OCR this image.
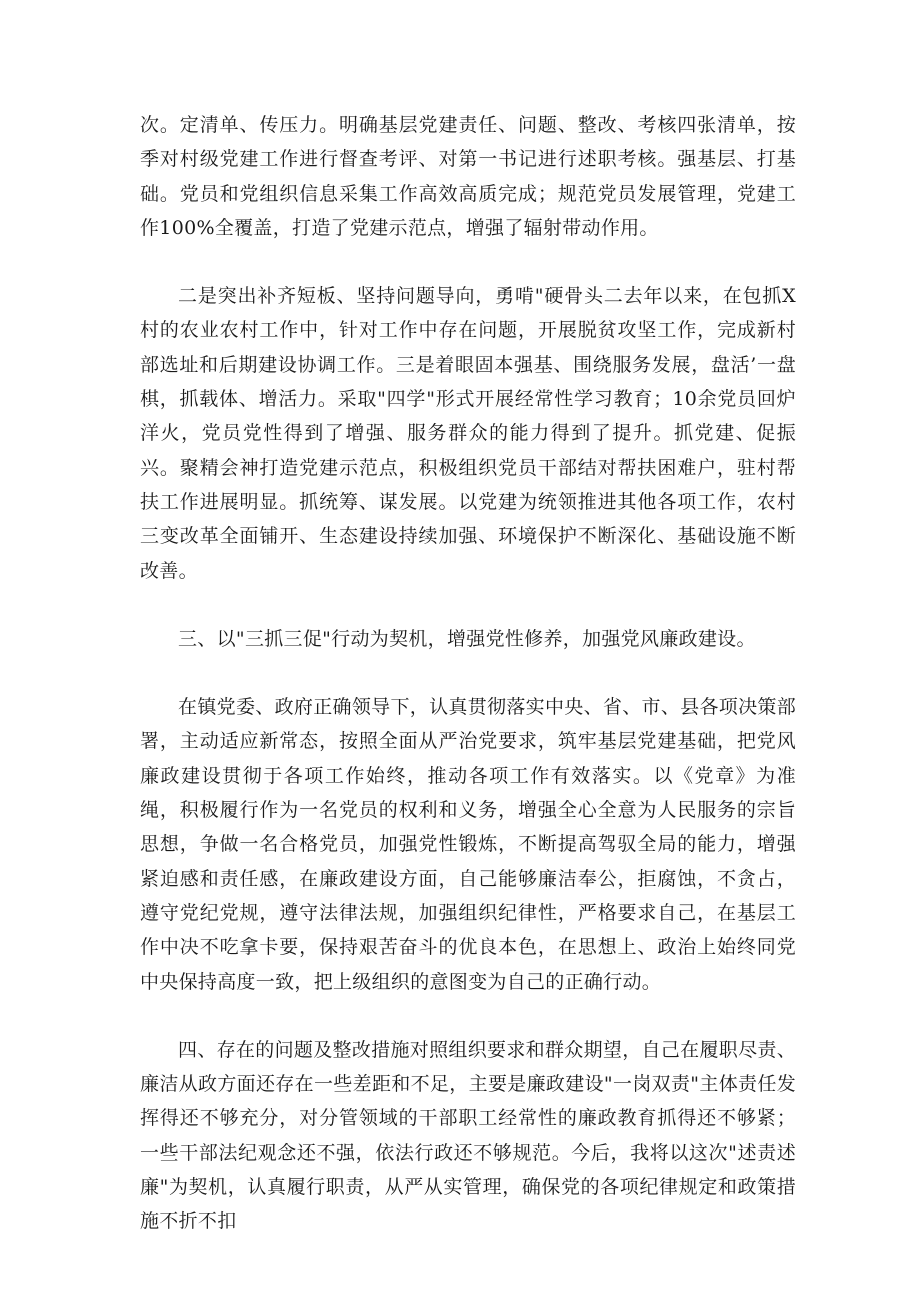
次。定清单、传压力。明确基层党建责任、问题、整改、考核四张清单，按季对村级党建工作进行督查考评、对第一书记进行述职考核。强基层、打基础。党员和党组织信息采集工作高效高质完成；规范党员发展管理，党建工作100%全覆盖，打造了党建示范点，增强了辐射带动作用。

二是突出补齐短板、坚持问题导向，勇啃"硬骨头二去年以来，在包抓X村的农业农村工作中，针对工作中存在问题，开展脱贫攻坚工作，完成新村部选址和后期建设协调工作。三是着眼固本强基、围绕服务发展，盘活’一盘棋，抓载体、增活力。采取"四学"形式开展经常性学习教育；10余党员回炉洋火，党员党性得到了增强、服务群众的能力得到了提升。抓党建、促振兴。聚精会神打造党建示范点，积极组织党员干部结对帮扶困难户，驻村帮扶工作进展明显。抓统筹、谋发展。以党建为统领推进其他各项工作，农村三变改革全面铺开、生态建设持续加强、环境保护不断深化、基础设施不断改善。

三、以"三抓三促"行动为契机，增强党性修养，加强党风廉政建设。

在镇党委、政府正确领导下，认真贯彻落实中央、省、市、县各项决策部署，主动适应新常态，按照全面从严治党要求，筑牢基层党建基础，把党风廉政建设贯彻于各项工作始终，推动各项工作有效落实。以《党章》为准绳，积极履行作为一名党员的权利和义务，增强全心全意为人民服务的宗旨思想，争做一名合格党员，加强党性锻炼，不断提高驾驭全局的能力，增强紧迫感和责任感，在廉政建设方面，自己能够廉洁奉公，拒腐蚀，不贪占，遵守党纪党规，遵守法律法规，加强组织纪律性，严格要求自己，在基层工作中决不吃拿卡要，保持艰苦奋斗的优良本色，在思想上、政治上始终同党中央保持高度一致，把上级组织的意图变为自己的正确行动。

四、存在的问题及整改措施对照组织要求和群众期望，自己在履职尽责、廉洁从政方面还存在一些差距和不足，主要是廉政建设"一岗双责"主体责任发挥得还不够充分，对分管领域的干部职工经常性的廉政教育抓得还不够紧；一些干部法纪观念还不强，依法行政还不够规范。今后，我将以这次"述责述廉"为契机，认真履行职责，从严从实管理，确保党的各项纪律规定和政策措施不折不扣
